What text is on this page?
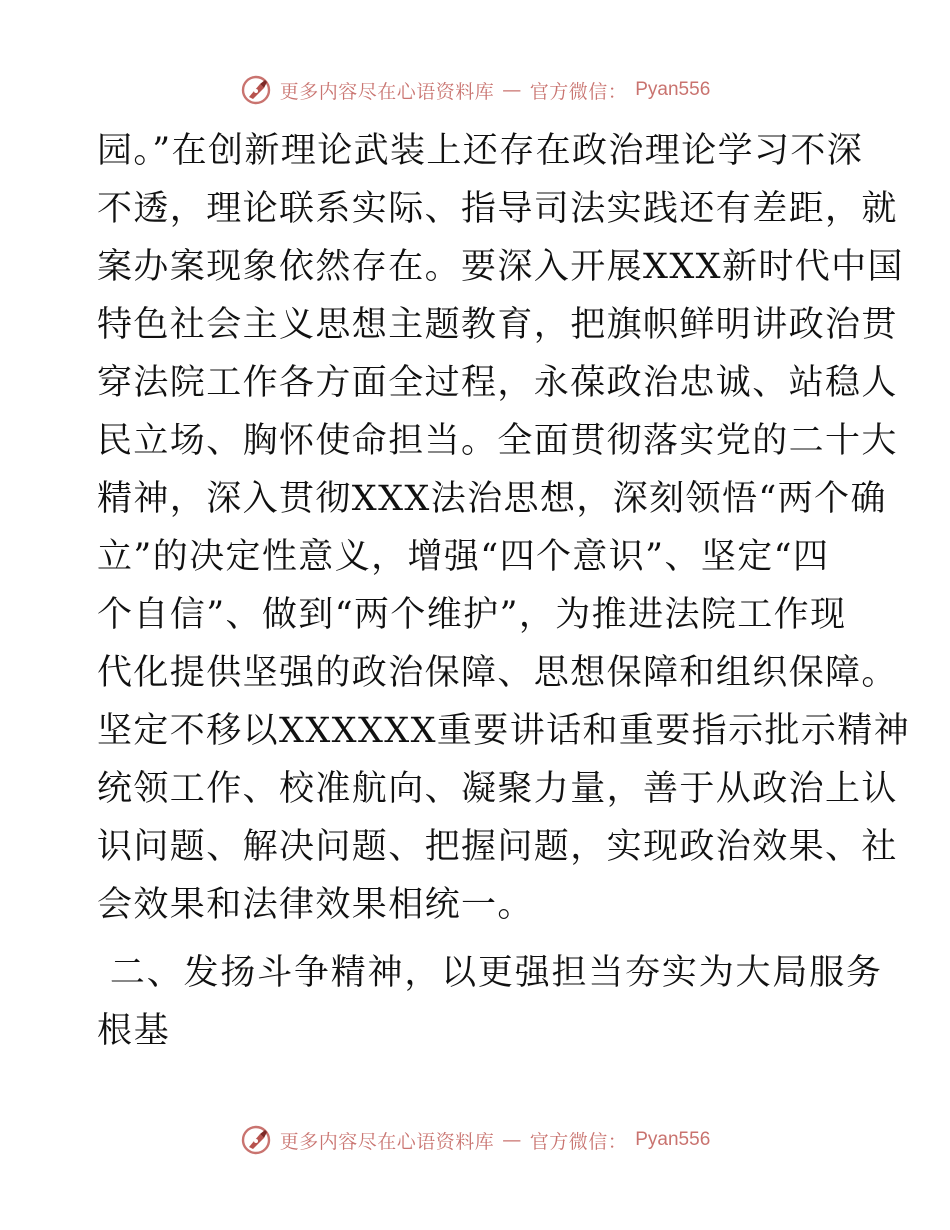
更多内容尽在心语资料库 — 官方微信： Pyan556
园。”在创新理论武装上还存在政治理论学习不深
不透，理论联系实际、指导司法实践还有差距，就
案办案现象依然存在。要深入开展XXX新时代中国
特色社会主义思想主题教育，把旗帜鲜明讲政治贯
穿法院工作各方面全过程，永葆政治忠诚、站稳人
民立场、胸怀使命担当。全面贯彻落实党的二十大
精神，深入贯彻XXX法治思想，深刻领悟“两个确
立”的决定性意义，增强“四个意识”、坚定“四
个自信”、做到“两个维护”，为推进法院工作现
代化提供坚强的政治保障、思想保障和组织保障。
坚定不移以XXXXXX重要讲话和重要指示批示精神
统领工作、校准航向、凝聚力量，善于从政治上认
识问题、解决问题、把握问题，实现政治效果、社
会效果和法律效果相统一。
二、发扬斗争精神，以更强担当夯实为大局服务
根基
更多内容尽在心语资料库 — 官方微信： Pyan556
